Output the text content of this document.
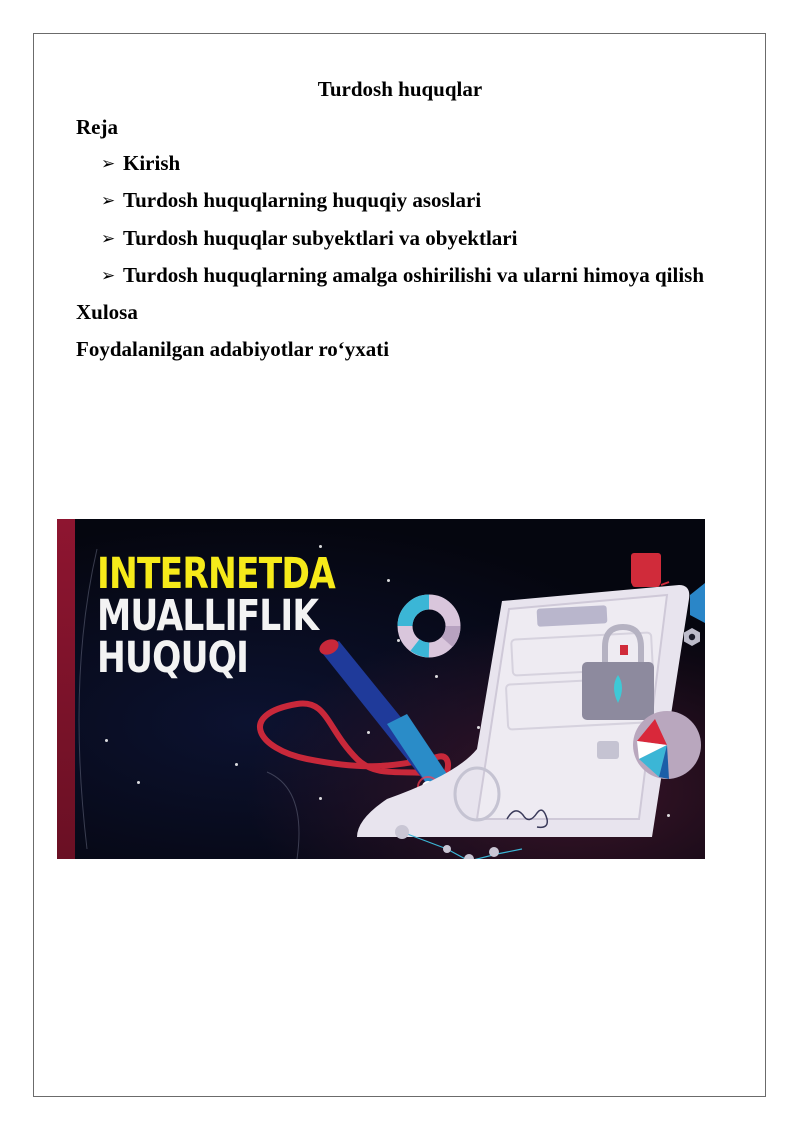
Turdosh huquqlar
Reja
➢ Kirish
➢ Turdosh huquqlarning huquqiy asoslari
➢ Turdosh huquqlar subyektlari va obyektlari
➢ Turdosh huquqlarning amalga oshirilishi va ularni himoya qilish
Xulosa
Foydalanilgan adabiyotlar ro‘yxati
INTERNETDA
MUALLIFLIK
HUQUQI
